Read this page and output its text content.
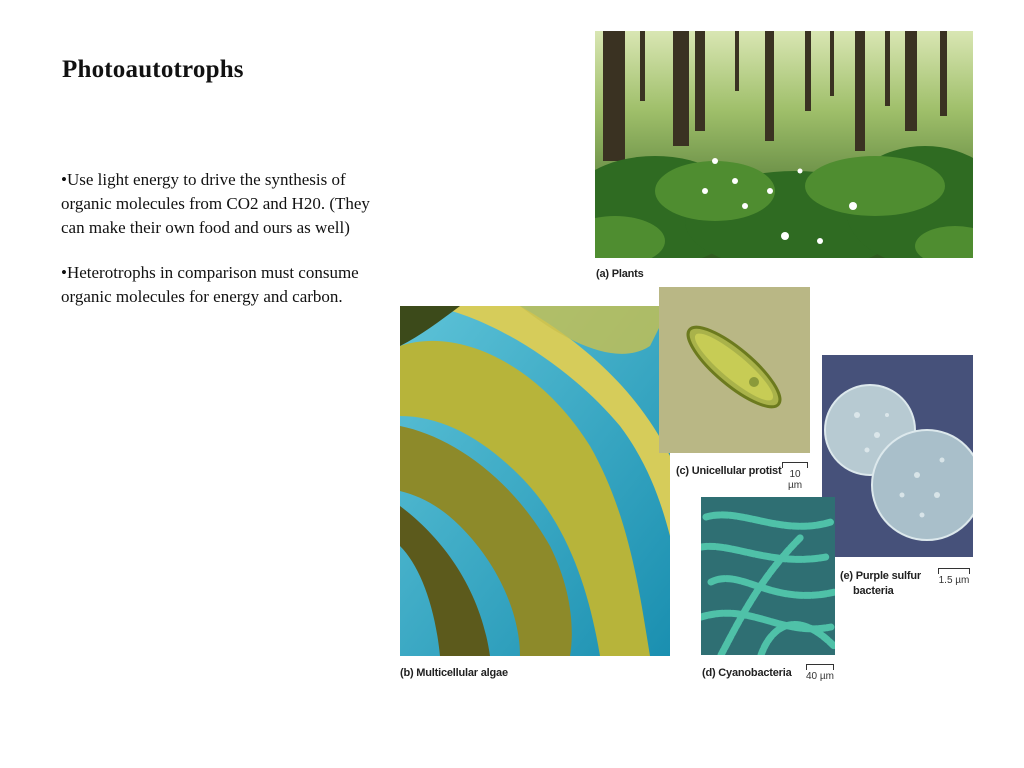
Photoautotrophs
•Use light energy to drive the synthesis of organic molecules from CO2 and H20. (They can make their own food and ours as well)
•Heterotrophs in comparison must consume organic molecules for energy and carbon.
(a) Plants
(b) Multicellular algae
(c) Unicellular protist 10 µm
(e) Purple sulfur
bacteria
1.5 µm
(d) Cyanobacteria 40 µm
